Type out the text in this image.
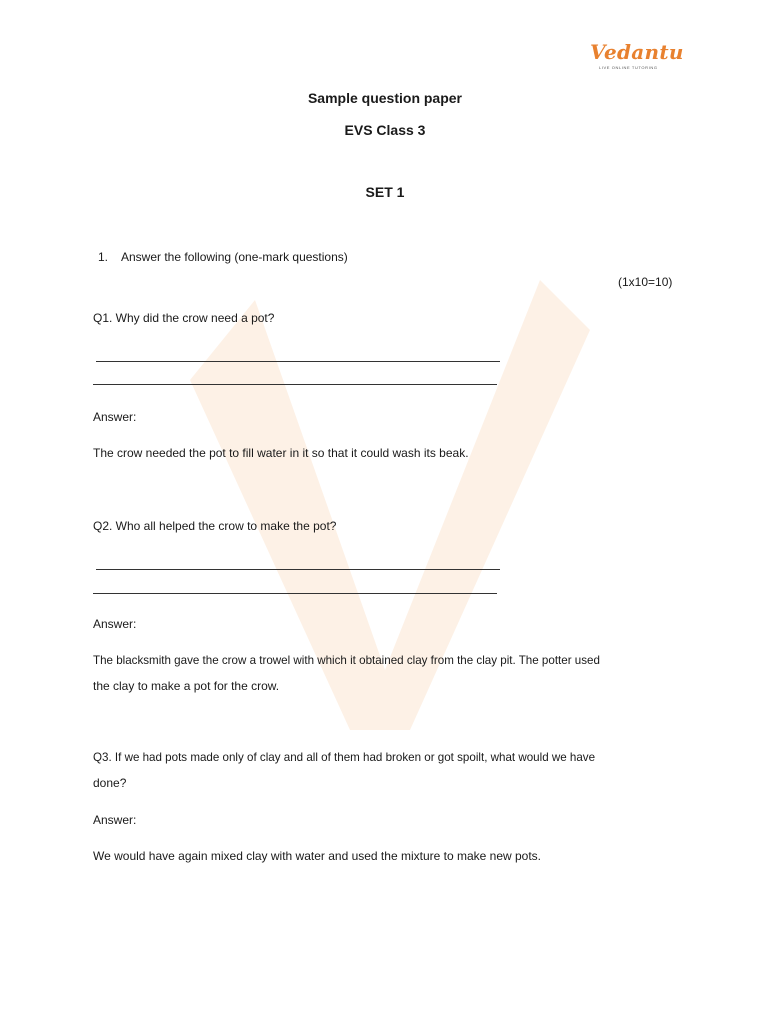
Vedantu
LIVE ONLINE TUTORING
Sample question paper
EVS Class 3
SET 1
1. Answer the following (one-mark questions)
(1x10=10)
Q1. Why did the crow need a pot?
Answer:
The crow needed the pot to fill water in it so that it could wash its beak.
Q2. Who all helped the crow to make the pot?
Answer:
The blacksmith gave the crow a trowel with which it obtained clay from the clay pit. The potter used
the clay to make a pot for the crow.
Q3. If we had pots made only of clay and all of them had broken or got spoilt, what would we have
done?
Answer:
We would have again mixed clay with water and used the mixture to make new pots.
